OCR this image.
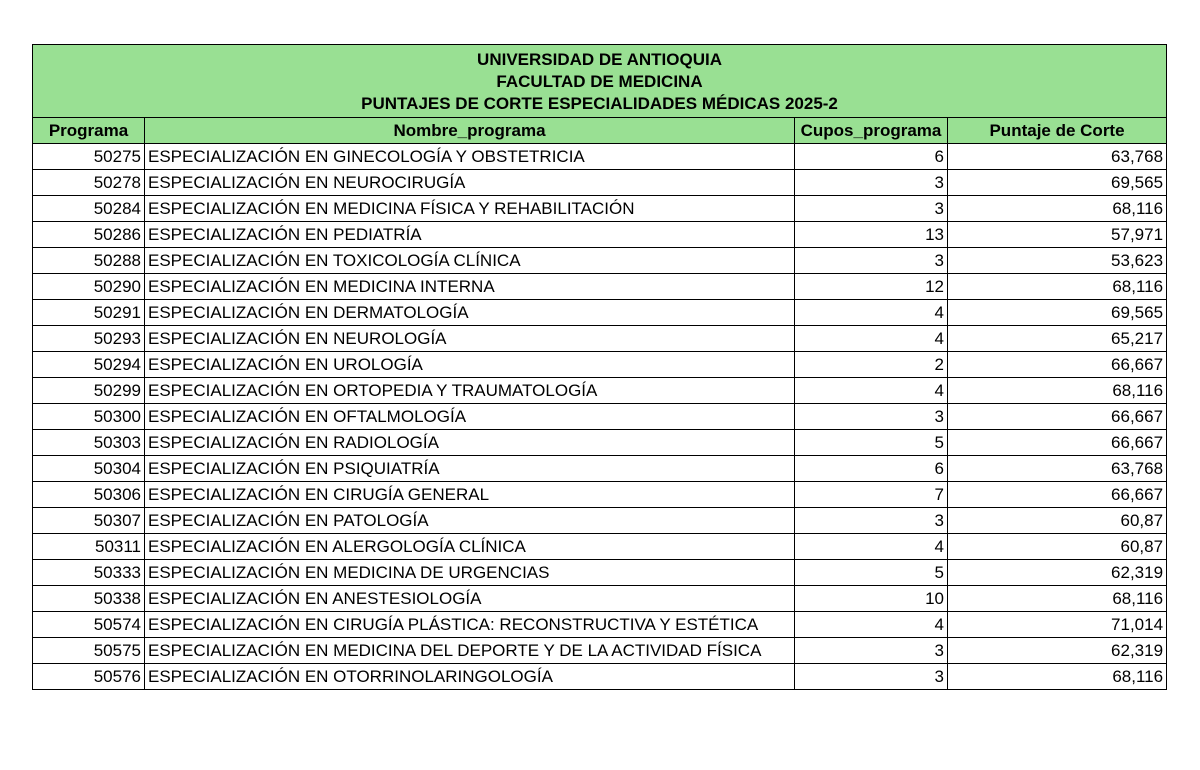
UNIVERSIDAD DE ANTIOQUIA
FACULTAD DE MEDICINA
PUNTAJES DE CORTE ESPECIALIDADES MÉDICAS 2025-2			

Programa	Nombre_programa	Cupos_programa	Puntaje de Corte
50275	ESPECIALIZACIÓN EN GINECOLOGÍA Y OBSTETRICIA	6	63,768
50278	ESPECIALIZACIÓN EN NEUROCIRUGÍA	3	69,565
50284	ESPECIALIZACIÓN EN MEDICINA FÍSICA Y REHABILITACIÓN	3	68,116
50286	ESPECIALIZACIÓN EN PEDIATRÍA	13	57,971
50288	ESPECIALIZACIÓN EN TOXICOLOGÍA CLÍNICA	3	53,623
50290	ESPECIALIZACIÓN EN MEDICINA INTERNA	12	68,116
50291	ESPECIALIZACIÓN EN DERMATOLOGÍA	4	69,565
50293	ESPECIALIZACIÓN EN NEUROLOGÍA	4	65,217
50294	ESPECIALIZACIÓN EN UROLOGÍA	2	66,667
50299	ESPECIALIZACIÓN EN ORTOPEDIA Y TRAUMATOLOGÍA	4	68,116
50300	ESPECIALIZACIÓN EN OFTALMOLOGÍA	3	66,667
50303	ESPECIALIZACIÓN EN RADIOLOGÍA	5	66,667
50304	ESPECIALIZACIÓN EN PSIQUIATRÍA	6	63,768
50306	ESPECIALIZACIÓN EN CIRUGÍA GENERAL	7	66,667
50307	ESPECIALIZACIÓN EN PATOLOGÍA	3	60,87
50311	ESPECIALIZACIÓN EN ALERGOLOGÍA CLÍNICA	4	60,87
50333	ESPECIALIZACIÓN EN MEDICINA DE URGENCIAS	5	62,319
50338	ESPECIALIZACIÓN EN ANESTESIOLOGÍA	10	68,116
50574	ESPECIALIZACIÓN EN CIRUGÍA PLÁSTICA: RECONSTRUCTIVA Y ESTÉTICA	4	71,014
50575	ESPECIALIZACIÓN EN MEDICINA DEL DEPORTE Y DE LA ACTIVIDAD FÍSICA	3	62,319
50576	ESPECIALIZACIÓN EN OTORRINOLARINGOLOGÍA	3	68,116
